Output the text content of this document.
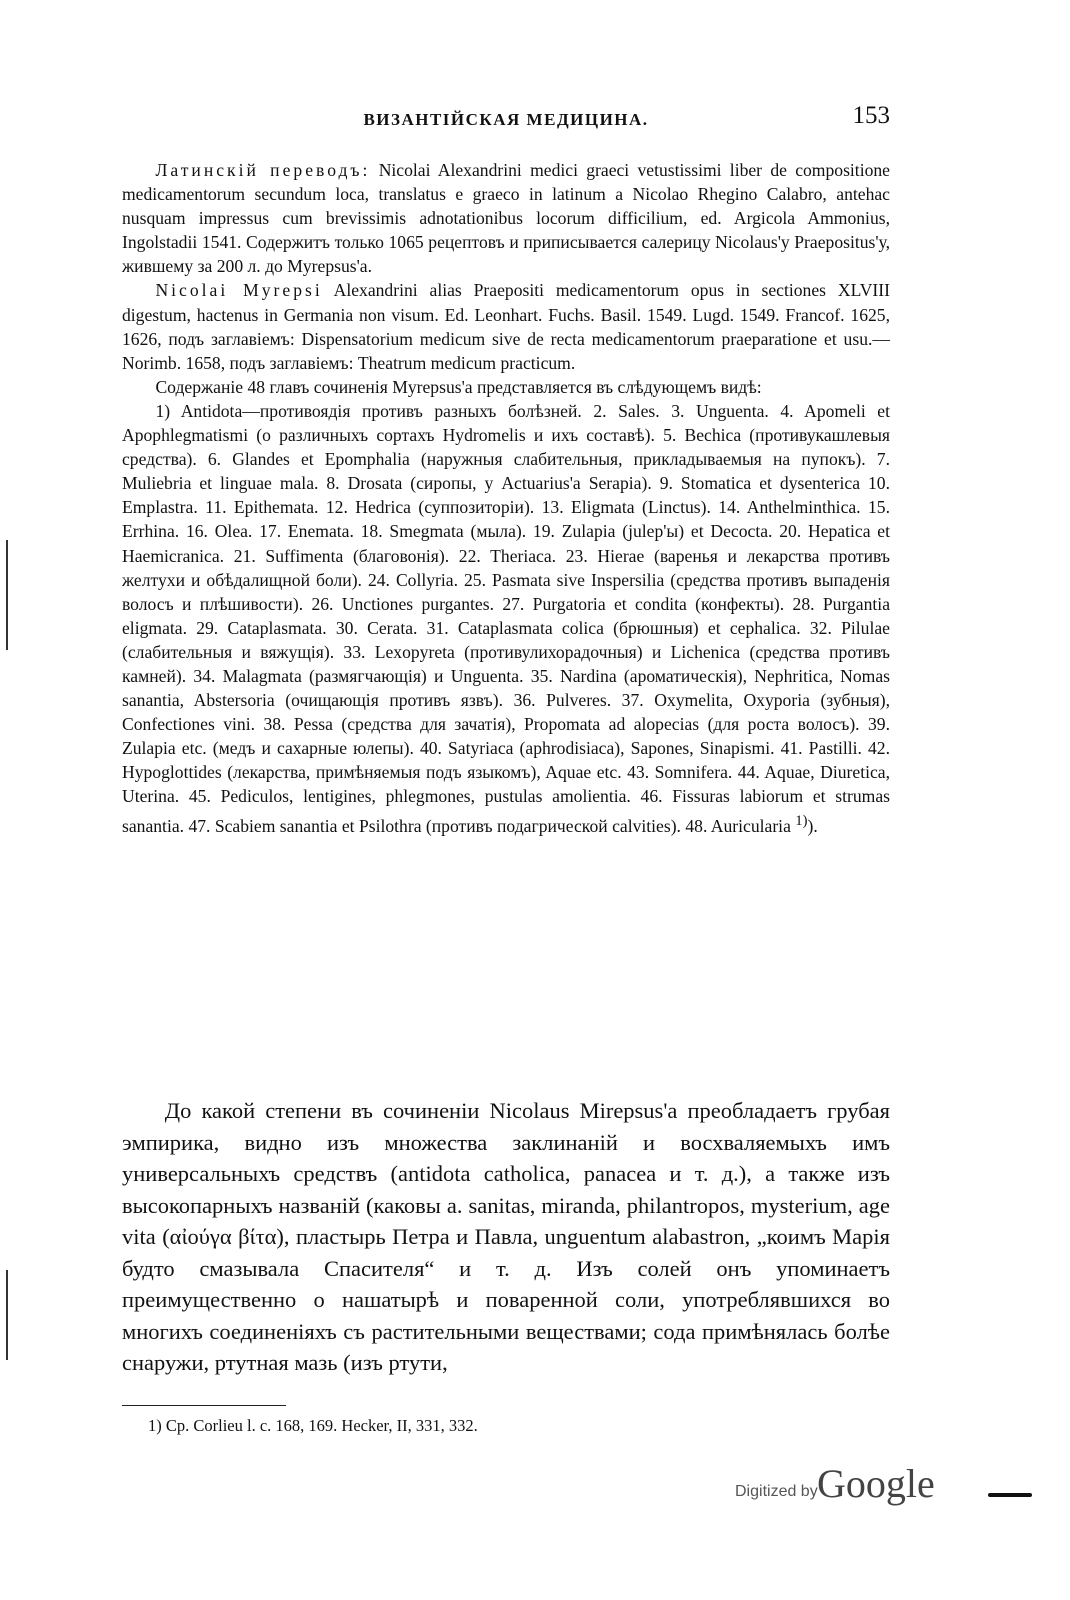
ВИЗАНТІЙСКАЯ МЕДИЦИНА.	153

Латинскій переводъ: Nicolai Alexandrini medici graeci vetustissimi liber de compositione medicamentorum secundum loca, translatus e graeco in latinum a Nicolao Rhegino Calabro, antehac nusquam impressus cum brevissimis adnotationibus locorum difficilium, ed. Argicola Ammonius, Ingolstadii 1541. Содержитъ только 1065 рецептовъ и приписывается салерицу Nicolaus'у Praepositus'у, жившему за 200 л. до Myrepsus'а.

Nicolai Myrepsi Alexandrini alias Praepositi medicamentorum opus in sectiones XLVIII digestum, hactenus in Germania non visum. Ed. Leonhart. Fuchs. Basil. 1549. Lugd. 1549. Francof. 1625, 1626, подъ заглавіемъ: Dispensatorium medicum sive de recta medicamentorum praeparatione et usu.—Norimb. 1658, подъ заглавіемъ: Theatrum medicum practicum.

Содержаніе 48 главъ сочиненія Myrepsus'а представляется въ слѣдующемъ видѣ:

1) Antidota—противоядія противъ разныхъ болѣзней. 2. Sales. 3. Unguenta. 4. Apomeli et Apophlegmatismi (о различныхъ сортахъ Hydromelis и ихъ составѣ). 5. Bechica (противукашлевыя средства). 6. Glandes et Epomphalia (наружныя слабительныя, прикладываемыя на пупокъ). 7. Muliebria et linguae mala. 8. Drosata (сиропы, у Actuarius'а Serapia). 9. Stomatica et dysenterica 10. Emplastra. 11. Epithemata. 12. Hedrica (суппозиторіи). 13. Eligmata (Linctus). 14. Anthelminthica. 15. Errhina. 16. Olea. 17. Enemata. 18. Smegmata (мыла). 19. Zulapia (julep'ы) et Decocta. 20. Hepatica et Haemicranica. 21. Suffimenta (благовонія). 22. Theriaca. 23. Hierae (варенья и лекарства противъ желтухи и обѣдалищной боли). 24. Collyria. 25. Pasmata sive Inspersilia (средства противъ выпаденія волосъ и плѣшивости). 26. Unctiones purgantes. 27. Purgatoria et condita (конфекты). 28. Purgantia eligmata. 29. Cataplasmata. 30. Cerata. 31. Cataplasmata colica (брюшныя) et cephalica. 32. Pilulae (слабительныя и вяжущія). 33. Lexopyreta (противулихорадочныя) и Licheniса (средства противъ камней). 34. Malagmata (размягчающія) и Unguenta. 35. Nardina (ароматическія), Nephritica, Nomas sanantia, Abstersoria (очищающія противъ язвъ). 36. Pulveres. 37. Oxymelita, Oxyporia (зубныя), Confectiones vini. 38. Pessa (средства для зачатія), Propomata ad alopecias (для роста волосъ). 39. Zulapia etc. (медъ и сахарные юлепы). 40. Satyriaca (aphrodisiaca), Sapones, Sinapismi. 41. Pastilli. 42. Hypoglottides (лекарства, примѣняемыя подъ языкомъ), Aquae etc. 43. Somnifera. 44. Aquae, Diuretica, Uterina. 45. Pediculos, lentigines, phlegmones, pustulas amolientia. 46. Fissuras labiorum et strumas sanantia. 47. Scabiem sanantia et Psilothra (противъ подагрической calvities). 48. Auricularia $^{1)}$).

До какой степени въ сочиненіи Nicolaus Mirepsus'а преобладаетъ грубая эмпирика, видно изъ множества заклинаній и восхваляемыхъ имъ универсальныхъ средствъ (antidota catholica, panacea и т. д.), а также изъ высокопарныхъ названій (каковы a. sanitas, miranda, philantropos, mysterium, age vita (αἰούγα βίτα), пластырь Петра и Павла, unguentum alabastron, „коимъ Марія будто смазывала Спасителя“ и т. д. Изъ солей онъ упоминаетъ преимущественно о нашатырѣ и поваренной соли, употреблявшихся во многихъ соединеніяхъ съ растительными веществами; сода примѣнялась болѣе снаружи, ртутная мазь (изъ ртути,

1) Cp. Corlieu l. c. 168, 169. Hecker, II, 331, 332.
Digitized by Google
